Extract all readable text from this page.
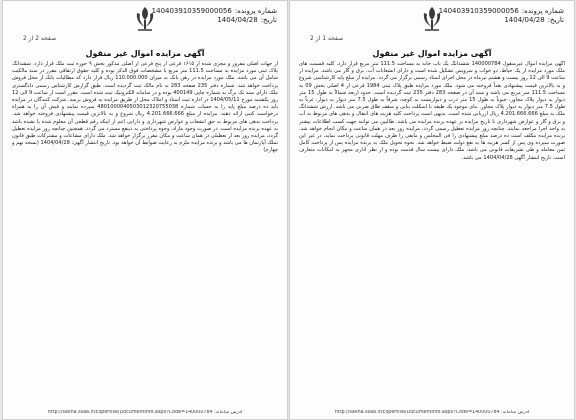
شماره پرونده:
140403910359000056
تاریخ:
1404/04/28
صفحه 1 از 2
آگهی مزایده اموال غیر منقول

آگهی مزایده اموال غیرمنقول 140000784 ششدانگ یک باب خانه به مساحت 111.5 متر مربع قرار دارد. کلیه قسمت های ملک مورد مزایده از یک حیاط، دو خواب و سرویس تشکیل شده است و دارای انشعابات آب، برق و گاز می باشد. مزایده از ساعت 9 الی 12 روز بیست و هشتم تیرماه در محل اجرای اسناد رسمی برگزار می گردد. مزایده از مبلغ پایه کارشناسی شروع و به بالاترین قیمت پیشنهادی نقداً فروخته می شود. ملک مورد مزایده طبق پلاک ثبتی 1984 فرعی از 4 اصلی بخش 09 به مساحت 111.5 متر مربع می باشد و سند آن در صفحه 283 دفتر 235 ثبت گردیده است. حدود اربعه شمالاً به طول 15 متر دیوار به دیوار پلاک مجاور، جنوباً به طول 15 متر درب و دیواریست به کوچه، شرقاً به طول 7.5 متر دیوار به دیوار، غرباً به طول 7.5 متر دیوار به دیوار پلاک مجاور. بنای موجود یک طبقه با اسکلت بنایی و سقف طاق ضربی می باشد. ارزش ششدانگ ملک به مبلغ 4.201.666.666 ریال ارزیابی شده است. بدیهی است پرداخت کلیه هزینه های انتقال و بدهی های مربوط به آب و برق و گاز و عوارض شهرداری تا تاریخ مزایده بر عهده برنده مزایده می باشد. طالبین می توانند جهت کسب اطلاعات بیشتر به واحد اجرا مراجعه نمایند. چنانچه روز مزایده تعطیل رسمی گردد، مزایده روز بعد در همان ساعت و مکان انجام خواهد شد. برنده مزایده مکلف است ده درصد مبلغ پیشنهادی را فی المجلس و مابقی را ظرف مهلت قانونی پرداخت نماید، در غیر این صورت سپرده وی پس از کسر هزینه ها به نفع دولت ضبط خواهد شد. نحوه تحویل ملک به برنده مزایده پس از پرداخت کامل ثمن معامله و طی تشریفات قانونی می باشد. ملک دارای بیست سال قدمت بوده و از نظر اداری مجهز به امکانات متعارف است. تاریخ انتشار آگهی 1404/04/28 می باشد.

آدرس سامانه: http://sakha.ssaa.ir/Expertise/DocumentInfo.aspx?Code=140000784
شماره پرونده:
140403910359000056
تاریخ:
1404/04/28
صفحه 2 از 2
آگهی مزایده اموال غیر منقول

از جهات اصلی مفروز و مجزی شده از ۱۶۱۵ فرعی از پنج فرعی از اصلی مذکور بخش ۹ حوزه ثبت ملک قرار دارد. ششدانگ پلاک ثبتی مورد مزایده به مساحت 111.5 متر مربع با مشخصات فوق الذکر بوده و کلیه حقوق ارتفاقی مقرر در سند مالکیت شامل آن می باشد. ملک مورد مزایده در رهن بانک به میزان 110.000.000 ریال قرار دارد که مطالبات بانک از محل فروش پرداخت خواهد شد. شماره دفتر 235 صفحه 283 به نام مالک ثبت گردیده است. طبق گزارش کارشناس رسمی دادگستری ملک دارای سند تک برگ به شماره چاپی 400149 بوده و در سامانه الکترونیک ثبت شده است. مقرر است از ساعت 9 الی 12 روز یکشنبه مورخ 1404/05/11 در اداره ثبت اسناد و املاک محل از طریق مزایده به فروش برسد. شرکت کنندگان در مزایده باید ده درصد مبلغ پایه را به حساب شماره 4801000040503012320755038 سپرده نمایند و فیش آن را به همراه درخواست کتبی ارائه دهند. مزایده از مبلغ 4.201.666.666 ریال شروع و به بالاترین قیمت پیشنهادی فروخته خواهد شد. پرداخت بدهی های مربوط به حق انشعاب و عوارض شهرداری و دارایی اعم از اینکه رقم قطعی آن معلوم شده یا نشده باشد به عهده برنده مزایده است. در صورت وجود مازاد، وجوه پرداختی به ذینفع مسترد می گردد. همچنین چنانچه روز مزایده تعطیل گردد، مزایده روز بعد از تعطیلی در همان ساعت و مکان مقرر برگزار خواهد شد. ملک دارای مشاعات و مشترکات طبق قانون تملک آپارتمان ها می باشد و برنده مزایده ملزم به رعایت ضوابط آن خواهد بود. تاریخ انتشار آگهی: 1404/04/28 (نسخه نهم و چهارم)

آدرس سامانه: http://sakha.ssaa.ir/Expertise/DocumentInfo.aspx?Code=140000784
